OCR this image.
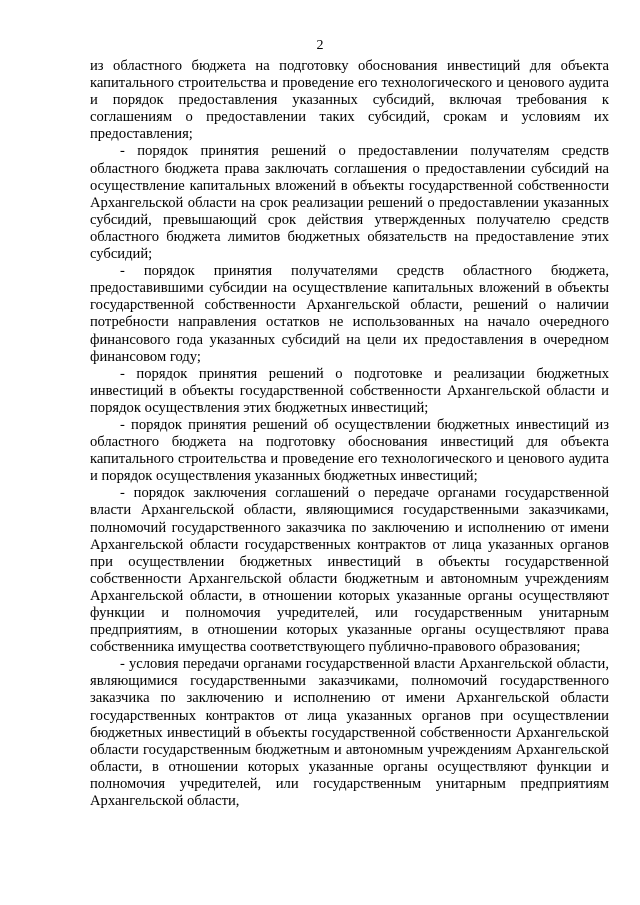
2

из областного бюджета на подготовку обоснования инвестиций для объекта капитального строительства и проведение его технологического и ценового аудита и порядок предоставления указанных субсидий, включая требования к соглашениям о предоставлении таких субсидий, срокам и условиям их предоставления;

- порядок принятия решений о предоставлении получателям средств областного бюджета права заключать соглашения о предоставлении субсидий на осуществление капитальных вложений в объекты государственной собственности Архангельской области на срок реализации решений о предоставлении указанных субсидий, превышающий срок действия утвержденных получателю средств областного бюджета лимитов бюджетных обязательств на предоставление этих субсидий;

- порядок принятия получателями средств областного бюджета, предоставившими субсидии на осуществление капитальных вложений в объекты государственной собственности Архангельской области, решений о наличии потребности направления остатков не использованных на начало очередного финансового года указанных субсидий на цели их предоставления в очередном финансовом году;

- порядок принятия решений о подготовке и реализации бюджетных инвестиций в объекты государственной собственности Архангельской области и порядок осуществления этих бюджетных инвестиций;

- порядок принятия решений об осуществлении бюджетных инвестиций из областного бюджета на подготовку обоснования инвестиций для объекта капитального строительства и проведение его технологического и ценового аудита и порядок осуществления указанных бюджетных инвестиций;

- порядок заключения соглашений о передаче органами государственной власти Архангельской области, являющимися государственными заказчиками, полномочий государственного заказчика по заключению и исполнению от имени Архангельской области государственных контрактов от лица указанных органов при осуществлении бюджетных инвестиций в объекты государственной собственности Архангельской области бюджетным и автономным учреждениям Архангельской области, в отношении которых указанные органы осуществляют функции и полномочия учредителей, или государственным унитарным предприятиям, в отношении которых указанные органы осуществляют права собственника имущества соответствующего публично-правового образования;

- условия передачи органами государственной власти Архангельской области, являющимися государственными заказчиками, полномочий государственного заказчика по заключению и исполнению от имени Архангельской области государственных контрактов от лица указанных органов при осуществлении бюджетных инвестиций в объекты государственной собственности Архангельской области государственным бюджетным и автономным учреждениям Архангельской области, в отношении которых указанные органы осуществляют функции и полномочия учредителей, или государственным унитарным предприятиям Архангельской области,
